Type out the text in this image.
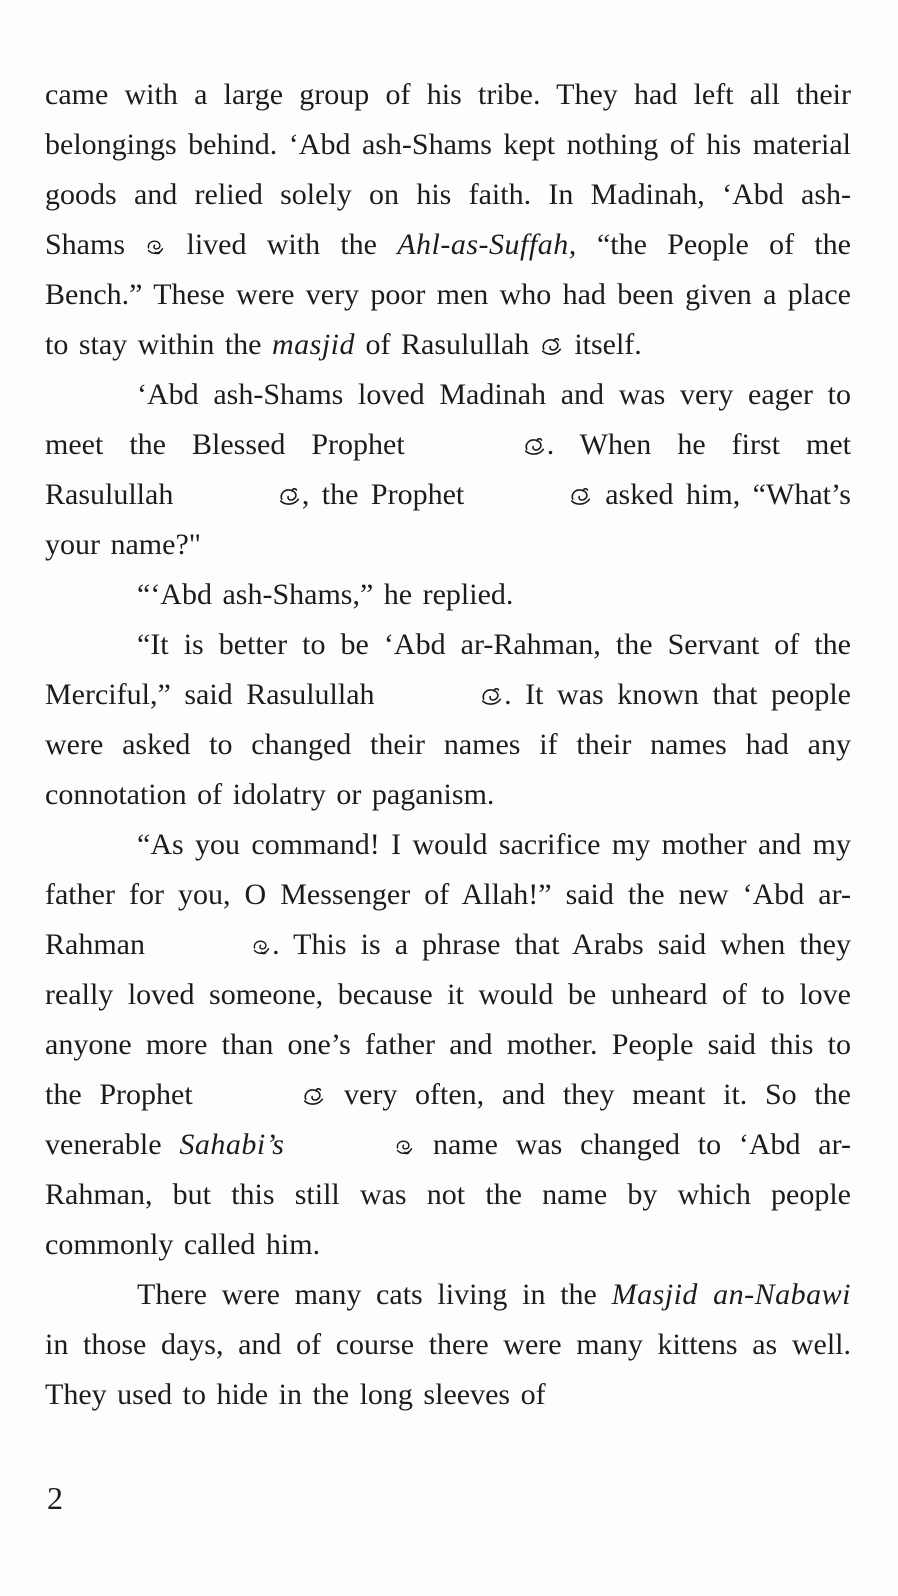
came with a large group of his tribe. They had left all their belongings behind. ‘Abd ash-Shams kept nothing of his material goods and relied solely on his faith. In Madinah, ‘Abd ash-Shams  lived with the Ahl-as-Suffah, “the People of the Bench.” These were very poor men who had been given a place to stay within the masjid of Rasulullah  itself.

‘Abd ash-Shams loved Madinah and was very eager to meet the Blessed Prophet	. When he first met Rasulullah	, the Prophet	asked him, “What’s your name?"

“‘Abd ash-Shams,” he replied.

“It is better to be ‘Abd ar-Rahman, the Servant of the Merciful,” said Rasulullah	. It was known that people were asked to changed their names if their names had any connotation of idolatry or paganism.

“As you command! I would sacrifice my mother and my father for you, O Messenger of Allah!” said the new ‘Abd ar-Rahman	. This is a phrase that Arabs said when they really loved someone, because it would be unheard of to love anyone more than one’s father and mother. People said this to the Prophet	very often, and they meant it. So the venerable Sahabi’s	name was changed to ‘Abd ar-Rahman, but this still was not the name by which people commonly called him.

There were many cats living in the Masjid an-Nabawi in those days, and of course there were many kittens as well. They used to hide in the long sleeves of

2
